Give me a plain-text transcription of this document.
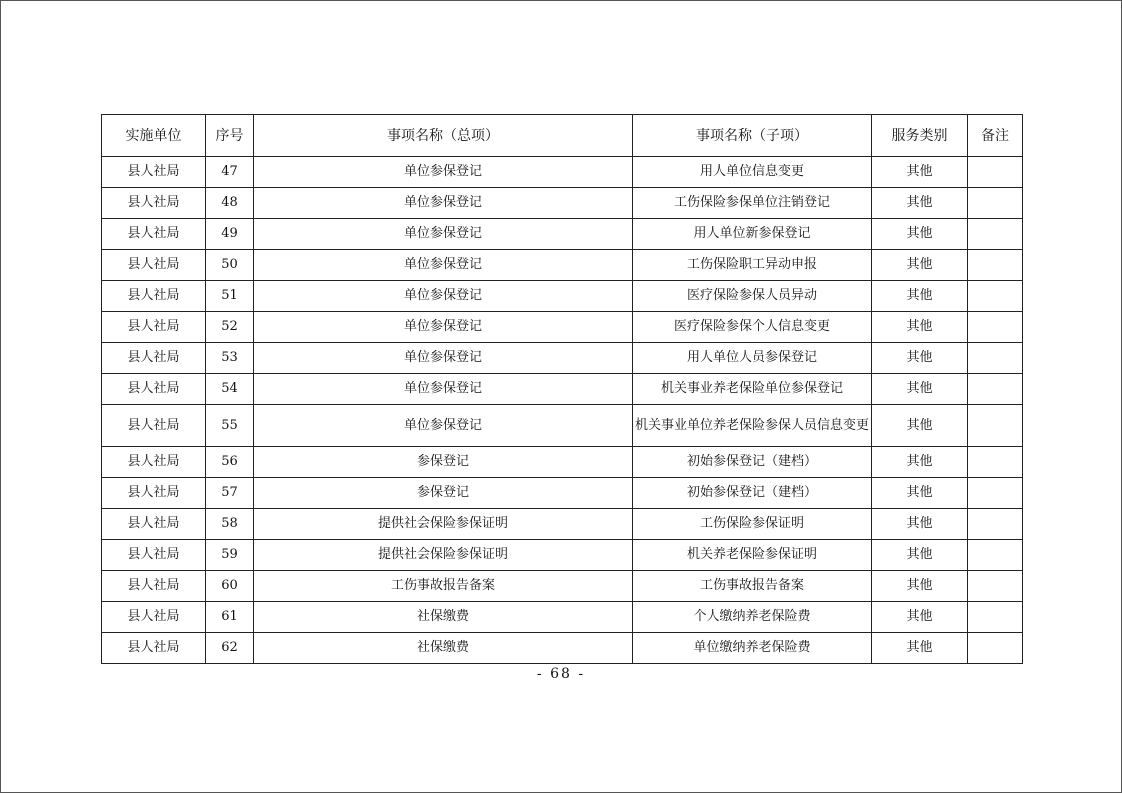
实施单位	序号	事项名称（总项）	事项名称（子项）	服务类别	备注
县人社局	47	单位参保登记	用人单位信息变更	其他	
县人社局	48	单位参保登记	工伤保险参保单位注销登记	其他	
县人社局	49	单位参保登记	用人单位新参保登记	其他	
县人社局	50	单位参保登记	工伤保险职工异动申报	其他	
县人社局	51	单位参保登记	医疗保险参保人员异动	其他	
县人社局	52	单位参保登记	医疗保险参保个人信息变更	其他	
县人社局	53	单位参保登记	用人单位人员参保登记	其他	
县人社局	54	单位参保登记	机关事业养老保险单位参保登记	其他	
县人社局	55	单位参保登记	机关事业单位养老保险参保人员信息变更	其他	
县人社局	56	参保登记	初始参保登记（建档）	其他	
县人社局	57	参保登记	初始参保登记（建档）	其他	
县人社局	58	提供社会保险参保证明	工伤保险参保证明	其他	
县人社局	59	提供社会保险参保证明	机关养老保险参保证明	其他	
县人社局	60	工伤事故报告备案	工伤事故报告备案	其他	
县人社局	61	社保缴费	个人缴纳养老保险费	其他	
县人社局	62	社保缴费	单位缴纳养老保险费	其他	
- 68 -
